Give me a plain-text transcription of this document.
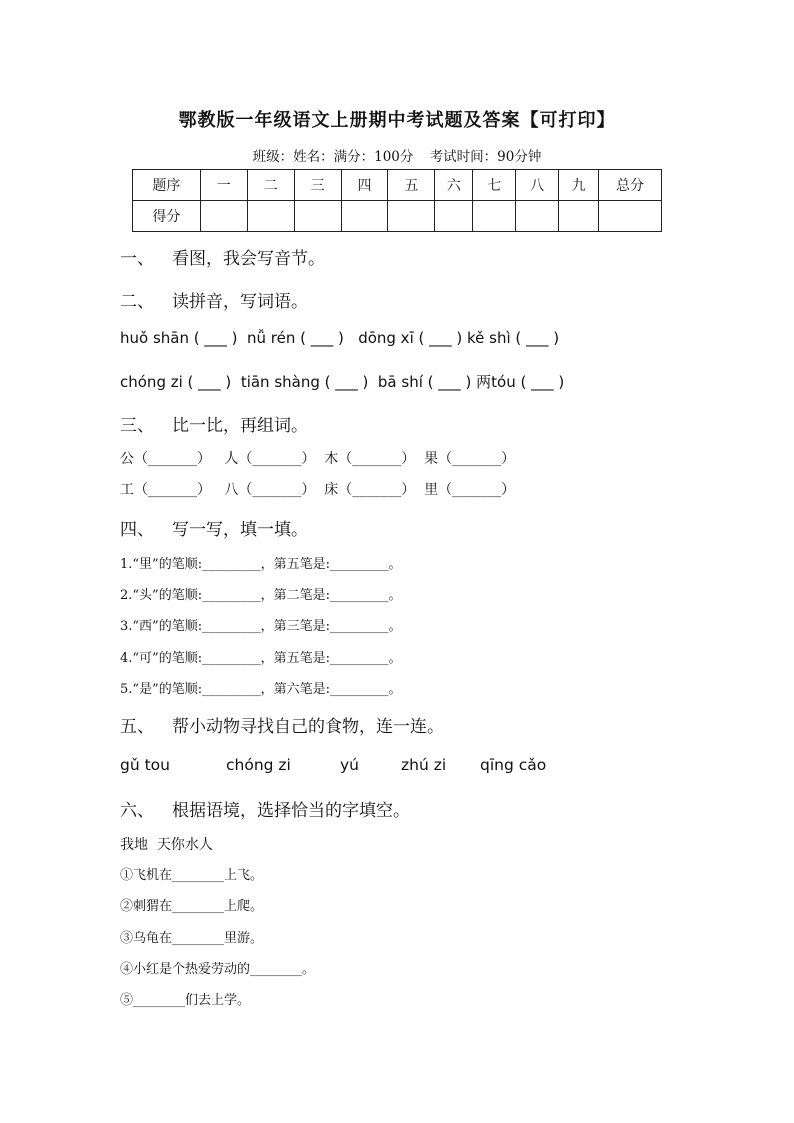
鄂教版一年级语文上册期中考试题及答案【可打印】
班级：姓名：满分：100分 考试时间：90分钟
题序	一	二	三	四	五	六	七	八	九	总分
得分										
一、 看图，我会写音节。
二、 读拼音，写词语。
huǒ shān ( ___ )  nǚ rén ( ___ )   dōng xī ( ___ ) kě shì ( ___ )
chóng zi ( ___ )  tiān shàng ( ___ )  bā shí ( ___ ) 两tóu ( ___ )
三、 比一比，再组词。
公（_______）   人（_______）  木（_______）  果（_______）
工（_______）   八（_______）  床（_______）  里（_______）
四、 写一写，填一填。
1.“里”的笔顺:_________，第五笔是:_________。
2.“头”的笔顺:_________，第二笔是:_________。
3.“西”的笔顺:_________，第三笔是:_________。
4.“可”的笔顺:_________，第五笔是:_________。
5.“是”的笔顺:_________，第六笔是:_________。
五、 帮小动物寻找自己的食物，连一连。
gǔ tou	chóng zi	yú	zhú zi qīng cǎo
六、 根据语境，选择恰当的字填空。
我地  天你水人
①飞机在________上飞。
②刺猬在________上爬。
③乌龟在________里游。
④小红是个热爱劳动的________。
⑤________们去上学。
